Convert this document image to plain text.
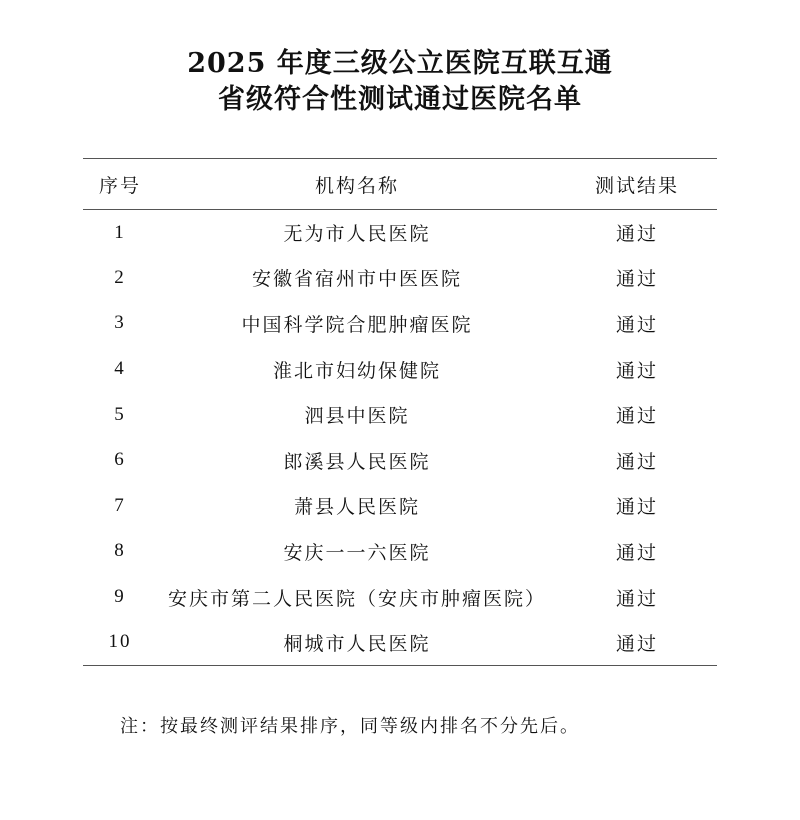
2025 年度三级公立医院互联互通
省级符合性测试通过医院名单
序号	机构名称	测试结果
1	无为市人民医院	通过
2	安徽省宿州市中医医院	通过
3	中国科学院合肥肿瘤医院	通过
4	淮北市妇幼保健院	通过
5	泗县中医院	通过
6	郎溪县人民医院	通过
7	萧县人民医院	通过
8	安庆一一六医院	通过
9	安庆市第二人民医院（安庆市肿瘤医院）	通过
10	桐城市人民医院	通过
注：按最终测评结果排序，同等级内排名不分先后。
